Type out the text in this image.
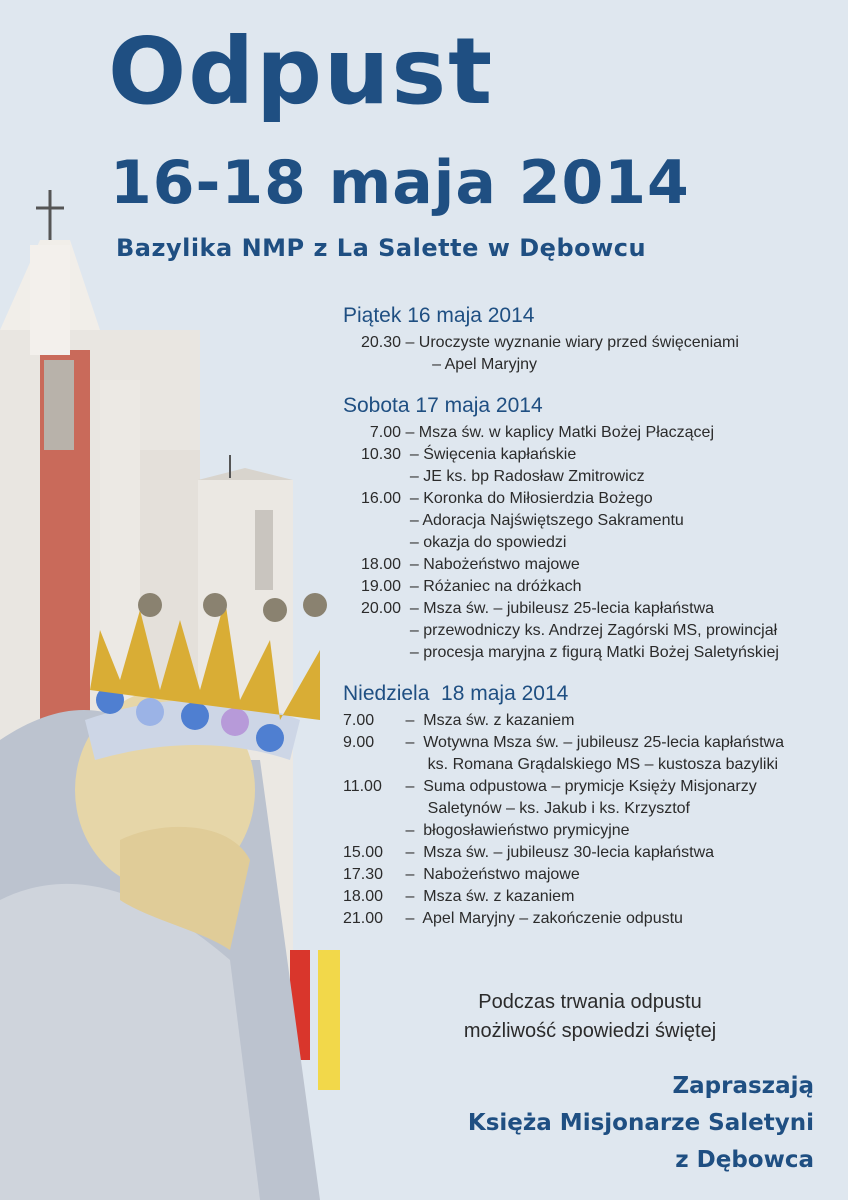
Odpust
16-18 maja 2014
Bazylika NMP z La Salette w Dębowcu
Piątek 16 maja 2014
20.30 – Uroczyste wyznanie wiary przed święceniami
– Apel Maryjny
Sobota 17 maja 2014
7.00 – Msza św. w kaplicy Matki Bożej Płaczącej
10.30  – Święcenia kapłańskie
– JE ks. bp Radosław Zmitrowicz
16.00  – Koronka do Miłosierdzia Bożego
– Adoracja Najświętszego Sakramentu
– okazja do spowiedzi
18.00  – Nabożeństwo majowe
19.00  – Różaniec na dróżkach
20.00  – Msza św. – jubileusz 25-lecia kapłaństwa
– przewodniczy ks. Andrzej Zagórski MS, prowincjał
– procesja maryjna z figurą Matki Bożej Saletyńskiej
Niedziela  18 maja 2014
7.00 –  Msza św. z kazaniem
9.00 –  Wotywna Msza św. – jubileusz 25-lecia kapłaństwa
ks. Romana Grądalskiego MS – kustosza bazyliki
11.00 –  Suma odpustowa – prymicje Księży Misjonarzy
Saletynów – ks. Jakub i ks. Krzysztof
–  błogosławieństwo prymicyjne
15.00 –  Msza św. – jubileusz 30-lecia kapłaństwa
17.30 –  Nabożeństwo majowe
18.00 –  Msza św. z kazaniem
21.00 –  Apel Maryjny – zakończenie odpustu
Podczas trwania odpustu
możliwość spowiedzi świętej
Zapraszają
Księża Misjonarze Saletyni
z Dębowca
